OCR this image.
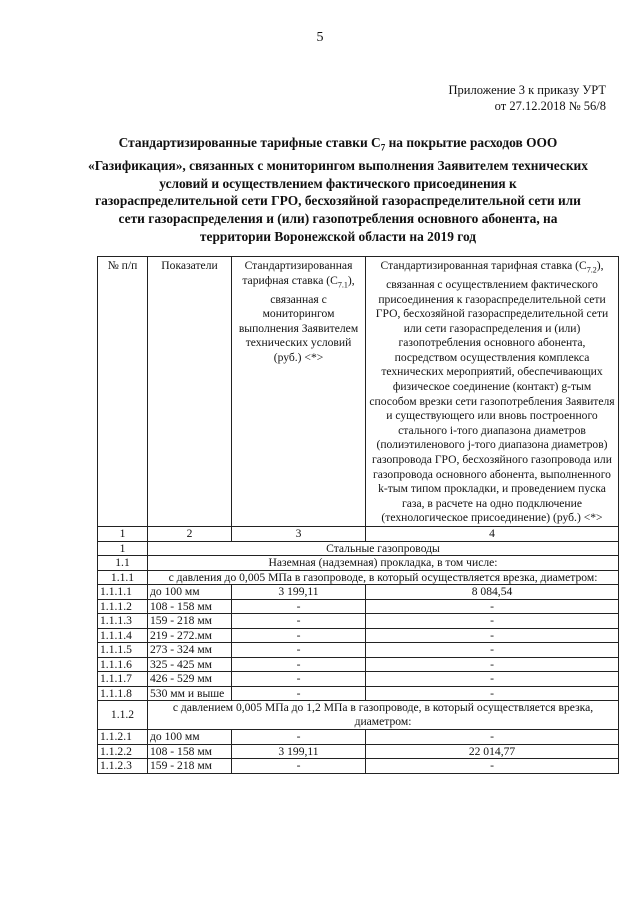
5
Приложение 3 к приказу УРТ
от 27.12.2018 № 56/8
Стандартизированные тарифные ставки $С_7$ на покрытие расходов ООО «Газификация», связанных с мониторингом выполнения Заявителем технических условий и осуществлением фактического присоединения к газораспределительной сети ГРО, бесхозяйной газораспределительной сети или сети газораспределения и (или) газопотребления основного абонента, на территории Воронежской области на 2019 год
№ п/п	Показатели	Стандартизированная тарифная ставка $(С_{7.1})$, связанная с мониторингом выполнения Заявителем технических условий (руб.) <*>	Стандартизированная тарифная ставка $(С_{7.2})$, связанная с осуществлением фактического присоединения к газораспределительной сети ГРО, бесхозяйной газораспределительной сети или сети газораспределения и (или) газопотребления основного абонента, посредством осуществления комплекса технических мероприятий, обеспечивающих физическое соединение (контакт) g-тым способом врезки сети газопотребления Заявителя и существующего или вновь построенного стального i-того диапазона диаметров (полиэтиленового j-того диапазона диаметров) газопровода ГРО, бесхозяйного газопровода или газопровода основного абонента, выполненного k-тым типом прокладки, и проведением пуска газа, в расчете на одно подключение (технологическое присоединение) (руб.) <*>
1	2	3	4
1	Стальные газопроводы		
1.1	Наземная (надземная) прокладка, в том числе:		
1.1.1	с давления до 0,005 МПа в газопроводе, в который осуществляется врезка, диаметром:		
1.1.1.1	до 100 мм	3 199,11	8 084,54
1.1.1.2	108 - 158 мм	-	-
1.1.1.3	159 - 218 мм	-	-
1.1.1.4	219 - 272.мм	-	-
1.1.1.5	273 - 324 мм	-	-
1.1.1.6	325 - 425 мм	-	-
1.1.1.7	426 - 529 мм	-	-
1.1.1.8	530 мм и выше	-	-
1.1.2	с давлением 0,005 МПа до 1,2 МПа в газопроводе, в который осуществляется врезка, диаметром:		
1.1.2.1	до 100 мм	-	-
1.1.2.2	108 - 158 мм	3 199,11	22 014,77
1.1.2.3	159 - 218 мм	-	-
